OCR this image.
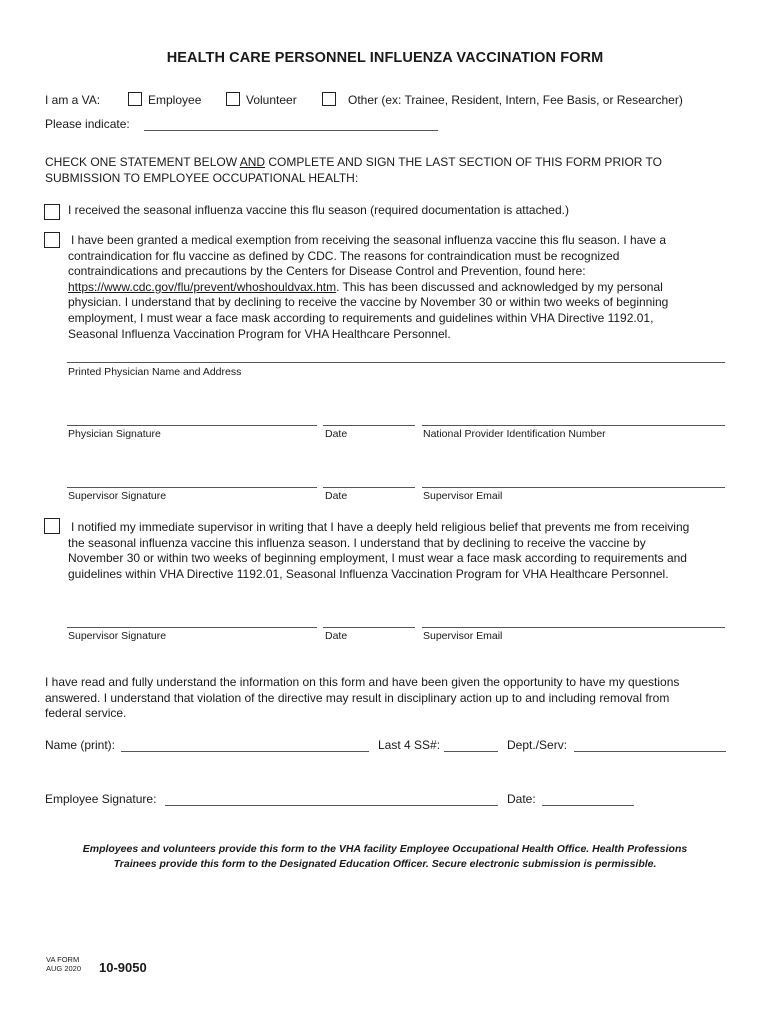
HEALTH CARE PERSONNEL INFLUENZA VACCINATION FORM
I am a VA:	Employee	Volunteer	Other (ex: Trainee, Resident, Intern, Fee Basis, or Researcher)
Please indicate:
CHECK ONE STATEMENT BELOW AND COMPLETE AND SIGN THE LAST SECTION OF THIS FORM PRIOR TO
SUBMISSION TO EMPLOYEE OCCUPATIONAL HEALTH:
I received the seasonal influenza vaccine this flu season (required documentation is attached.)
I have been granted a medical exemption from receiving the seasonal influenza vaccine this flu season. I have a
contraindication for flu vaccine as defined by CDC. The reasons for contraindication must be recognized
contraindications and precautions by the Centers for Disease Control and Prevention, found here:
https://www.cdc.gov/flu/prevent/whoshouldvax.htm. This has been discussed and acknowledged by my personal
physician. I understand that by declining to receive the vaccine by November 30 or within two weeks of beginning
employment, I must wear a face mask according to requirements and guidelines within VHA Directive 1192.01,
Seasonal Influenza Vaccination Program for VHA Healthcare Personnel.
Printed Physician Name and Address
Physician Signature	Date	National Provider Identification Number
Supervisor Signature	Date	Supervisor Email
I notified my immediate supervisor in writing that I have a deeply held religious belief that prevents me from receiving
the seasonal influenza vaccine this influenza season. I understand that by declining to receive the vaccine by
November 30 or within two weeks of beginning employment, I must wear a face mask according to requirements and
guidelines within VHA Directive 1192.01, Seasonal Influenza Vaccination Program for VHA Healthcare Personnel.
Supervisor Signature	Date	Supervisor Email
I have read and fully understand the information on this form and have been given the opportunity to have my questions
answered. I understand that violation of the directive may result in disciplinary action up to and including removal from
federal service.
Name (print):	Last 4 SS#:	Dept./Serv:
Employee Signature:	Date:
Employees and volunteers provide this form to the VHA facility Employee Occupational Health Office. Health Professions
Trainees provide this form to the Designated Education Officer. Secure electronic submission is permissible.
VA FORM
AUG 2020 10-9050
